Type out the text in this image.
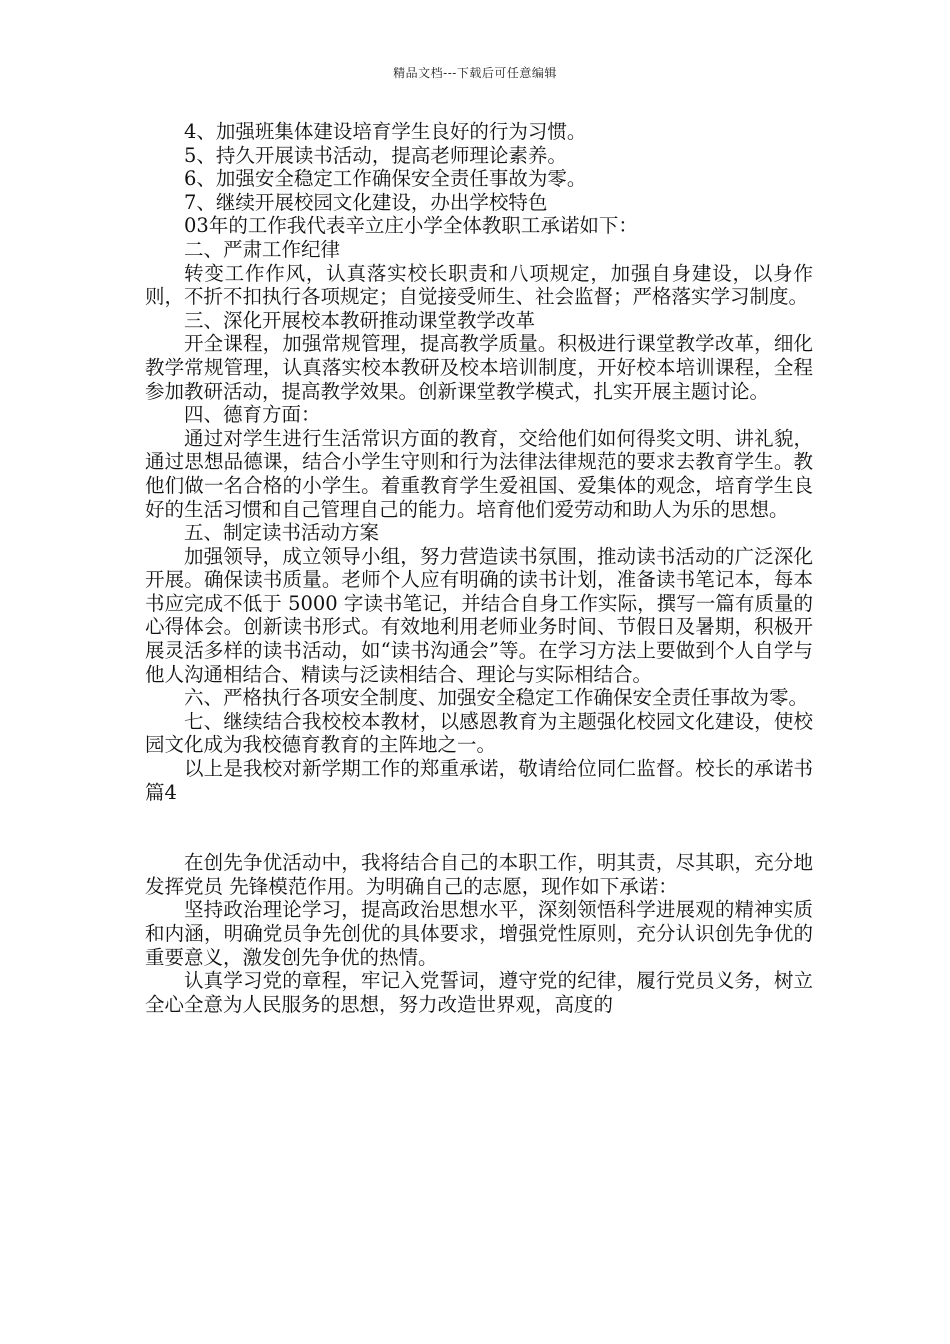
精品文档---下载后可任意编辑

4、加强班集体建设培育学生良好的行为习惯。

5、持久开展读书活动，提高老师理论素养。

6、加强安全稳定工作确保安全责任事故为零。

7、继续开展校园文化建设，办出学校特色

03年的工作我代表辛立庄小学全体教职工承诺如下：

二、严肃工作纪律

转变工作作风，认真落实校长职责和八项规定，加强自身建设，以身作则，不折不扣执行各项规定；自觉接受师生、社会监督；严格落实学习制度。

三、深化开展校本教研推动课堂教学改革

开全课程，加强常规管理，提高教学质量。积极进行课堂教学改革，细化教学常规管理，认真落实校本教研及校本培训制度，开好校本培训课程，全程参加教研活动，提高教学效果。创新课堂教学模式，扎实开展主题讨论。

四、德育方面：

通过对学生进行生活常识方面的教育，交给他们如何得奖文明、讲礼貌，通过思想品德课，结合小学生守则和行为法律法律规范的要求去教育学生。教他们做一名合格的小学生。着重教育学生爱祖国、爱集体的观念，培育学生良好的生活习惯和自己管理自己的能力。培育他们爱劳动和助人为乐的思想。

五、制定读书活动方案

加强领导，成立领导小组，努力营造读书氛围，推动读书活动的广泛深化开展。确保读书质量。老师个人应有明确的读书计划，准备读书笔记本，每本书应完成不低于 5000 字读书笔记，并结合自身工作实际，撰写一篇有质量的心得体会。创新读书形式。有效地利用老师业务时间、节假日及暑期，积极开展灵活多样的读书活动，如“读书沟通会”等。在学习方法上要做到个人自学与他人沟通相结合、精读与泛读相结合、理论与实际相结合。

六、严格执行各项安全制度、加强安全稳定工作确保安全责任事故为零。

七、继续结合我校校本教材，以感恩教育为主题强化校园文化建设，使校园文化成为我校德育教育的主阵地之一。

以上是我校对新学期工作的郑重承诺，敬请给位同仁监督。校长的承诺书 篇4

在创先争优活动中，我将结合自己的本职工作，明其责，尽其职，充分地发挥党员 先锋模范作用。为明确自己的志愿，现作如下承诺：

坚持政治理论学习，提高政治思想水平，深刻领悟科学进展观的精神实质和内涵，明确党员争先创优的具体要求，增强党性原则，充分认识创先争优的重要意义，激发创先争优的热情。

认真学习党的章程，牢记入党誓词，遵守党的纪律，履行党员义务，树立全心全意为人民服务的思想，努力改造世界观，高度的
